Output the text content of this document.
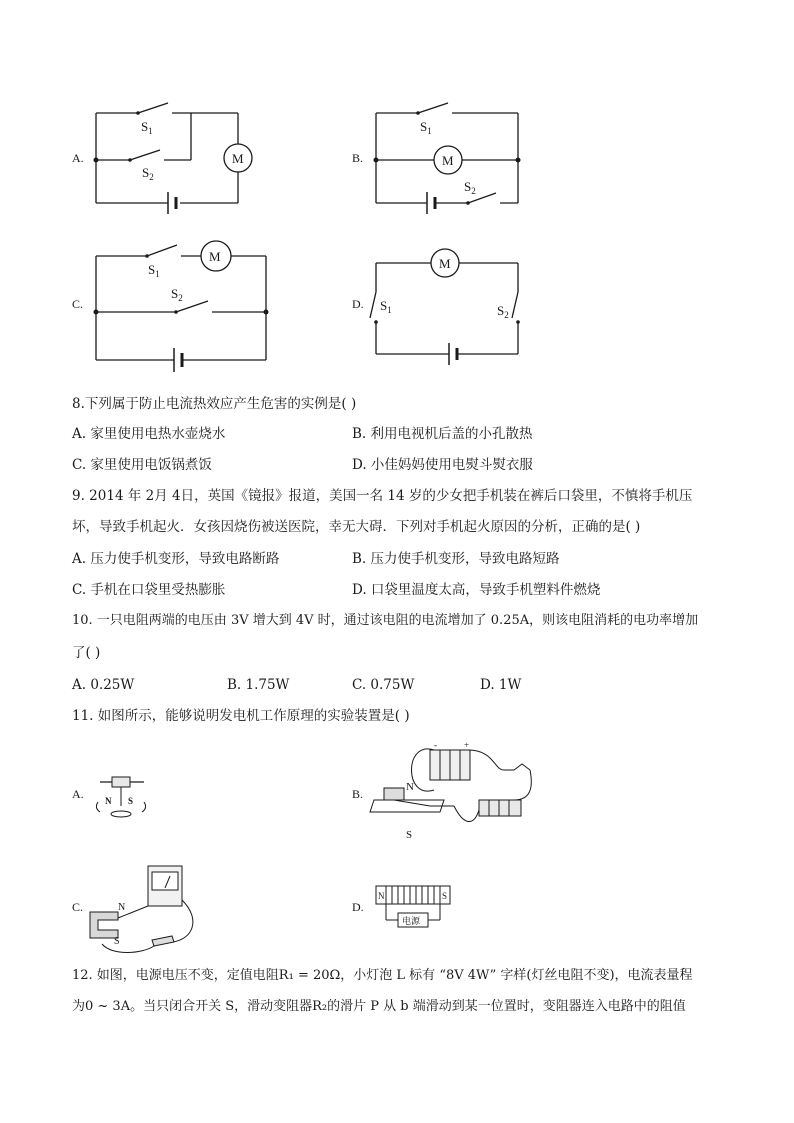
A.
$S_1$
$S_2$
M	B.
$S_1$
$S_2$
M
C.
$S_1$
$S_2$
M
D. $S_1$	$S_2$
M
8.下列属于防止电流热效应产生危害的实例是( )
A. 家里使用电热水壶烧水	B. 利用电视机后盖的小孔散热
C. 家里使用电饭锅煮饭	D. 小佳妈妈使用电熨斗熨衣服
9. 2014 年 2月 4日，英国《镜报》报道，美国一名 14 岁的少女把手机装在裤后口袋里，不慎将手机压
坏，导致手机起火．女孩因烧伤被送医院，幸无大碍．下列对手机起火原因的分析，正确的是( )
A. 压力使手机变形，导致电路断路	B. 压力使手机变形，导致电路短路
C. 手机在口袋里受热膨胀	D. 口袋里温度太高，导致手机塑料件燃烧
10. 一只电阻两端的电压由 3V 增大到 4V 时，通过该电阻的电流增加了 0.25A，则该电阻消耗的电功率增加
了( )
A. 0.25W	B. 1.75W	C. 0.75W	D. 1W
11. 如图所示，能够说明发电机工作原理的实验装置是( )
A. N S	B.
-	+
N
S
C.	N
S
D.
N	S
电源
12. 如图，电源电压不变，定值电阻R₁ = 20Ω，小灯泡 L 标有 “8V 4W” 字样(灯丝电阻不变)，电流表量程
为0 ~ 3A。当只闭合开关 S，滑动变阻器R₂的滑片 P 从 b 端滑动到某一位置时，变阻器连入电路中的阻值
